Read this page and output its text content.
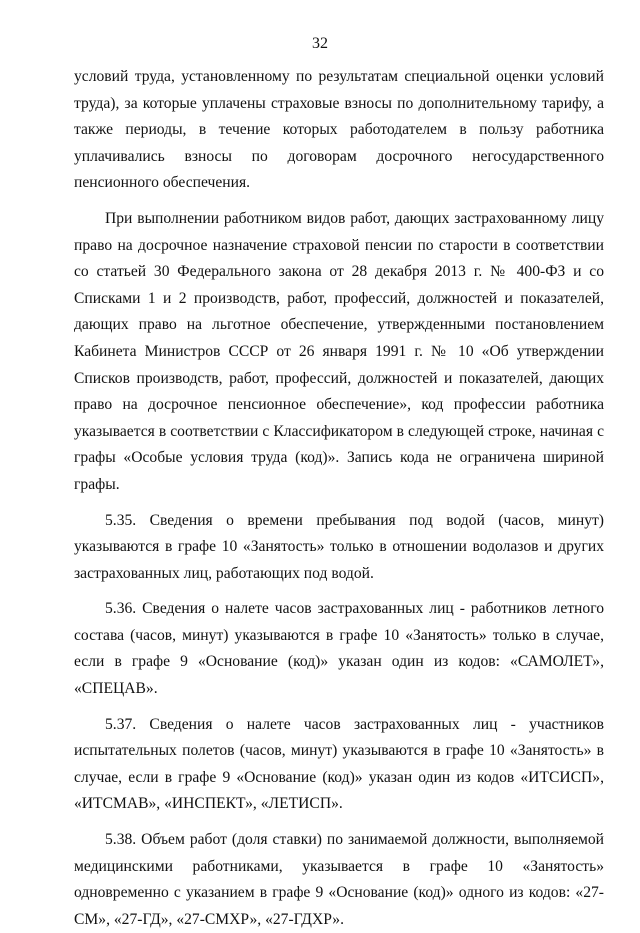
32

условий труда, установленному по результатам специальной оценки условий труда), за которые уплачены страховые взносы по дополнительному тарифу, а также периоды, в течение которых работодателем в пользу работника уплачивались взносы по договорам досрочного негосударственного пенсионного обеспечения.

При выполнении работником видов работ, дающих застрахованному лицу право на досрочное назначение страховой пенсии по старости в соответствии со статьей 30 Федерального закона от 28 декабря 2013 г. № 400-ФЗ и со Списками 1 и 2 производств, работ, профессий, должностей и показателей, дающих право на льготное обеспечение, утвержденными постановлением Кабинета Министров СССР от 26 января 1991 г. № 10 «Об утверждении Списков производств, работ, профессий, должностей и показателей, дающих право на досрочное пенсионное обеспечение», код профессии работника указывается в соответствии с Классификатором в следующей строке, начиная с графы «Особые условия труда (код)». Запись кода не ограничена шириной графы.

5.35. Сведения о времени пребывания под водой (часов, минут) указываются в графе 10 «Занятость» только в отношении водолазов и других застрахованных лиц, работающих под водой.

5.36. Сведения о налете часов застрахованных лиц - работников летного состава (часов, минут) указываются в графе 10 «Занятость» только в случае, если в графе 9 «Основание (код)» указан один из кодов: «САМОЛЕТ», «СПЕЦАВ».

5.37. Сведения о налете часов застрахованных лиц - участников испытательных полетов (часов, минут) указываются в графе 10 «Занятость» в случае, если в графе 9 «Основание (код)» указан один из кодов «ИТСИСП», «ИТСМАВ», «ИНСПЕКТ», «ЛЕТИСП».

5.38. Объем работ (доля ставки) по занимаемой должности, выполняемой медицинскими работниками, указывается в графе 10 «Занятость» одновременно с указанием в графе 9 «Основание (код)» одного из кодов: «27-СМ», «27-ГД», «27-СМХР», «27-ГДХР».
